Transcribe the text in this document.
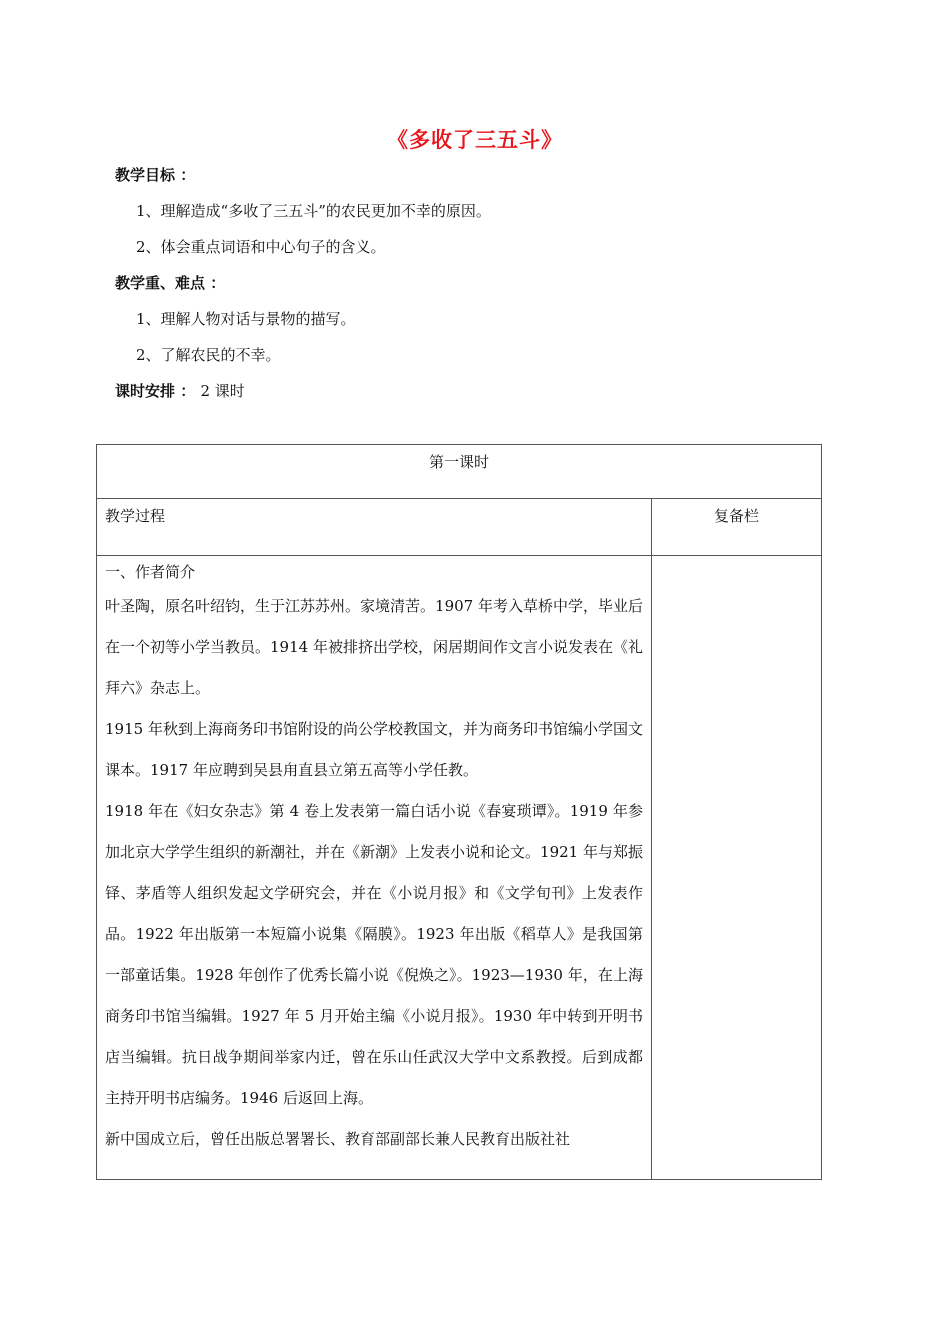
《多收了三五斗》
教学目标 ：
1、理解造成“多收了三五斗”的农民更加不幸的原因。
2、体会重点词语和中心句子的含义。
教学重、难点 ：
1、理解人物对话与景物的描写。
2、了解农民的不幸。
课时安排 ： 2 课时
第一课时	
教学过程	复备栏

一、作者简介

叶圣陶，原名叶绍钧，生于江苏苏州。家境清苦。1907 年考入草桥中学，毕业后在一个初等小学当教员。1914 年被排挤出学校，闲居期间作文言小说发表在《礼拜六》杂志上。

1915 年秋到上海商务印书馆附设的尚公学校教国文，并为商务印书馆编小学国文课本。1917 年应聘到吴县甪直县立第五高等小学任教。

1918 年在《妇女杂志》第 4 卷上发表第一篇白话小说《春宴琐谭》。1919 年参加北京大学学生组织的新潮社，并在《新潮》上发表小说和论文。1921 年与郑振铎、茅盾等人组织发起文学研究会，并在《小说月报》和《文学旬刊》上发表作品。1922 年出版第一本短篇小说集《隔膜》。1923 年出版《稻草人》是我国第一部童话集。1928 年创作了优秀长篇小说《倪焕之》。1923—1930 年，在上海商务印书馆当编辑。1927 年 5 月开始主编《小说月报》。1930 年中转到开明书店当编辑。抗日战争期间举家内迁，曾在乐山任武汉大学中文系教授。后到成都主持开明书店编务。1946 后返回上海。

新中国成立后，曾任出版总署署长、教育部副部长兼人民教育出版社社	
